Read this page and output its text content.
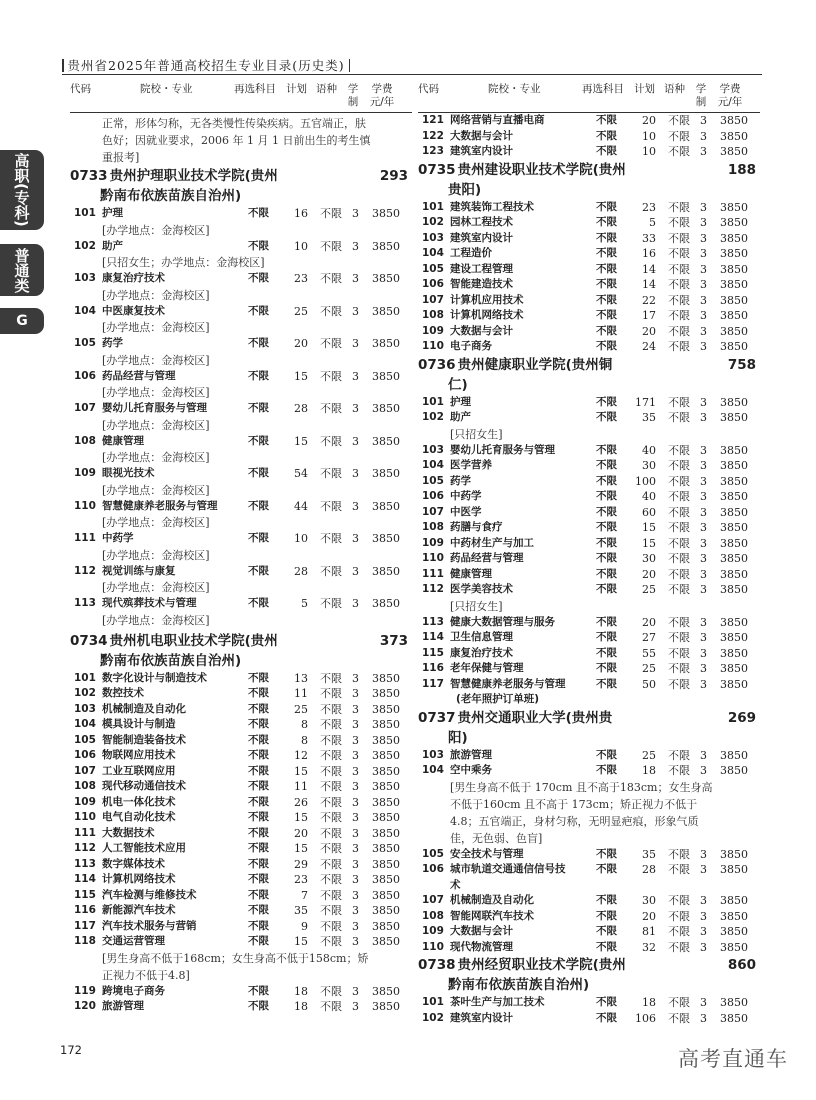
贵州省2025年普通高校招生专业目录(历史类)
高职(专科)
普通类
G
代码	院校・专业	再选科目 计划 语种 学制
学费元/年
正常，形体匀称，无各类慢性传染疾病。五官端正，肤色好；因就业要求，2006 年 1 月 1 日前出生的考生慎重报考]
0733 贵州护理职业技术学院(贵州	293
黔南布依族苗族自治州)
101 护理	不限	16 不限 3 3850
[办学地点：金海校区]
102 助产	不限	10 不限 3 3850
[只招女生；办学地点：金海校区]
103 康复治疗技术	不限	23 不限 3 3850
[办学地点：金海校区]
104 中医康复技术	不限	25 不限 3 3850
[办学地点：金海校区]
105 药学	不限	20 不限 3 3850
[办学地点：金海校区]
106 药品经营与管理	不限	15 不限 3 3850
[办学地点：金海校区]
107 婴幼儿托育服务与管理	不限	28 不限 3 3850
[办学地点：金海校区]
108 健康管理	不限	15 不限 3 3850
[办学地点：金海校区]
109 眼视光技术	不限	54 不限 3 3850
[办学地点：金海校区]
110 智慧健康养老服务与管理	不限	44 不限 3 3850
[办学地点：金海校区]
111 中药学	不限	10 不限 3 3850
[办学地点：金海校区]
112 视觉训练与康复	不限	28 不限 3 3850
[办学地点：金海校区]
113 现代殡葬技术与管理	不限	5 不限 3 3850
[办学地点：金海校区]
0734 贵州机电职业技术学院(贵州	373
黔南布依族苗族自治州)
101 数字化设计与制造技术	不限	13 不限 3 3850
102 数控技术	不限	11 不限 3 3850
103 机械制造及自动化	不限	25 不限 3 3850
104 模具设计与制造	不限	8 不限 3 3850
105 智能制造装备技术	不限	8 不限 3 3850
106 物联网应用技术	不限	12 不限 3 3850
107 工业互联网应用	不限	15 不限 3 3850
108 现代移动通信技术	不限	11 不限 3 3850
109 机电一体化技术	不限	26 不限 3 3850
110 电气自动化技术	不限	15 不限 3 3850
111 大数据技术	不限	20 不限 3 3850
112 人工智能技术应用	不限	15 不限 3 3850
113 数字媒体技术	不限	29 不限 3 3850
114 计算机网络技术	不限	23 不限 3 3850
115 汽车检测与维修技术	不限	7 不限 3 3850
116 新能源汽车技术	不限	35 不限 3 3850
117 汽车技术服务与营销	不限	9 不限 3 3850
118 交通运营管理	不限	15 不限 3 3850
[男生身高不低于168cm；女生身高不低于158cm；矫正视力不低于4.8]
119 跨境电子商务	不限	18 不限 3 3850
120 旅游管理	不限	18 不限 3 3850
代码	院校・专业	再选科目 计划 语种 学制
学费元/年
121 网络营销与直播电商	不限	20 不限 3 3850
122 大数据与会计	不限	10 不限 3 3850
123 建筑室内设计	不限	10 不限 3 3850
0735 贵州建设职业技术学院(贵州	188
贵阳)
101 建筑装饰工程技术	不限	23 不限 3 3850
102 园林工程技术	不限	5 不限 3 3850
103 建筑室内设计	不限	33 不限 3 3850
104 工程造价	不限	16 不限 3 3850
105 建设工程管理	不限	14 不限 3 3850
106 智能建造技术	不限	14 不限 3 3850
107 计算机应用技术	不限	22 不限 3 3850
108 计算机网络技术	不限	17 不限 3 3850
109 大数据与会计	不限	20 不限 3 3850
110 电子商务	不限	24 不限 3 3850
0736 贵州健康职业学院(贵州铜	758
仁)
101 护理	不限 171 不限 3 3850
102 助产	不限	35 不限 3 3850
[只招女生]
103 婴幼儿托育服务与管理	不限	40 不限 3 3850
104 医学营养	不限	30 不限 3 3850
105 药学	不限 100 不限 3 3850
106 中药学	不限	40 不限 3 3850
107 中医学	不限	60 不限 3 3850
108 药膳与食疗	不限	15 不限 3 3850
109 中药材生产与加工	不限	15 不限 3 3850
110 药品经营与管理	不限	30 不限 3 3850
111 健康管理	不限	20 不限 3 3850
112 医学美容技术	不限	25 不限 3 3850
[只招女生]
113 健康大数据管理与服务	不限	20 不限 3 3850
114 卫生信息管理	不限	27 不限 3 3850
115 康复治疗技术	不限	55 不限 3 3850
116 老年保健与管理	不限	25 不限 3 3850
117 智慧健康养老服务与管理	不限	50 不限 3 3850
(老年照护订单班)
0737 贵州交通职业大学(贵州贵	269
阳)
103 旅游管理	不限	25 不限 3 3850
104 空中乘务	不限	18 不限 3 3850
[男生身高不低于 170cm 且不高于183cm；女生身高不低于160cm 且不高于 173cm；矫正视力不低于4.8；五官端正，身材匀称，无明显疤痕，形象气质佳，无色弱、色盲]
105 安全技术与管理	不限	35 不限 3 3850
106 城市轨道交通通信信号技	不限	28 不限 3 3850
术
107 机械制造及自动化	不限	30 不限 3 3850
108 智能网联汽车技术	不限	20 不限 3 3850
109 大数据与会计	不限	81 不限 3 3850
110 现代物流管理	不限	32 不限 3 3850
0738 贵州经贸职业技术学院(贵州	860
黔南布依族苗族自治州)
101 茶叶生产与加工技术	不限	18 不限 3 3850
102 建筑室内设计	不限 106 不限 3 3850
172	高考直通车
